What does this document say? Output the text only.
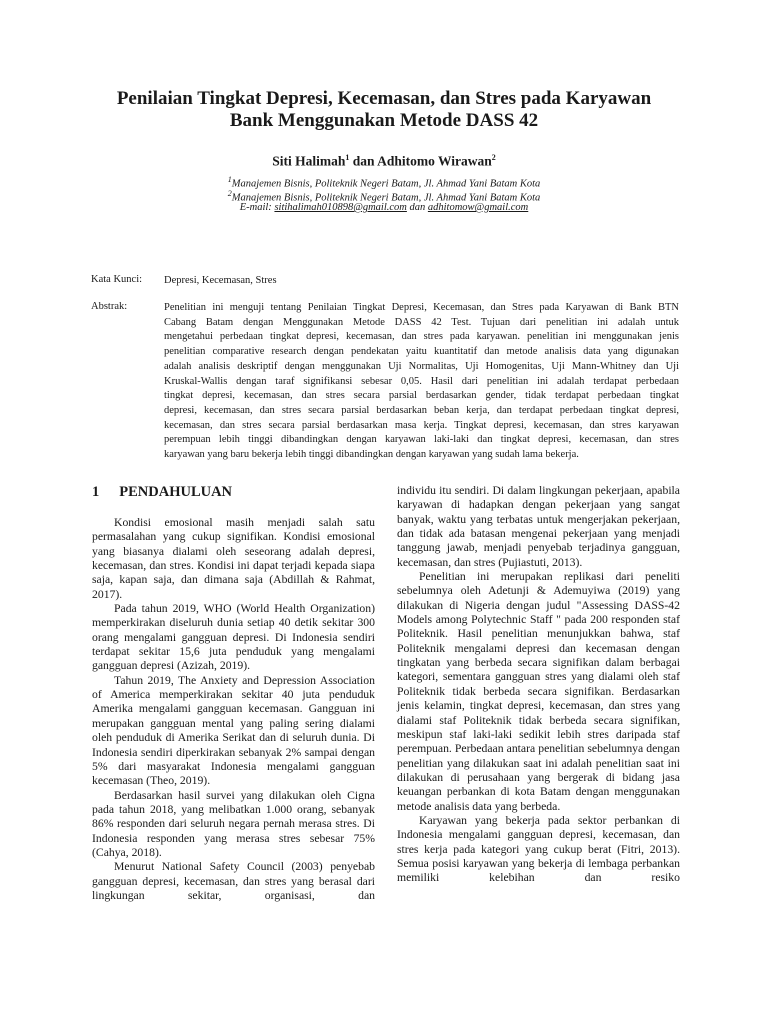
Penilaian Tingkat Depresi, Kecemasan, dan Stres pada Karyawan
Bank Menggunakan Metode DASS 42
Siti Halimah$^1$ dan Adhitomo Wirawan$^2$
$^1$Manajemen Bisnis, Politeknik Negeri Batam, Jl. Ahmad Yani Batam Kota
$^2$Manajemen Bisnis, Politeknik Negeri Batam, Jl. Ahmad Yani Batam Kota
E-mail: sitihalimah010898@gmail.com dan adhitomow@gmail.com
Kata Kunci: Depresi, Kecemasan, Stres
Abstrak:	Penelitian ini menguji tentang Penilaian Tingkat Depresi, Kecemasan, dan Stres pada Karyawan di Bank BTN
Cabang Batam dengan Menggunakan Metode DASS 42 Test. Tujuan dari penelitian ini adalah untuk
mengetahui perbedaan tingkat depresi, kecemasan, dan stres pada karyawan. penelitian ini menggunakan jenis
penelitian comparative research dengan pendekatan yaitu kuantitatif dan metode analisis data yang digunakan
adalah analisis deskriptif dengan menggunakan Uji Normalitas, Uji Homogenitas, Uji Mann-Whitney dan Uji
Kruskal-Wallis dengan taraf signifikansi sebesar 0,05. Hasil dari penelitian ini adalah terdapat perbedaan
tingkat depresi, kecemasan, dan stres secara parsial berdasarkan gender, tidak terdapat perbedaan tingkat
depresi, kecemasan, dan stres secara parsial berdasarkan beban kerja, dan terdapat perbedaan tingkat depresi,
kecemasan, dan stres secara parsial berdasarkan masa kerja. Tingkat depresi, kecemasan, dan stres karyawan
perempuan lebih tinggi dibandingkan dengan karyawan laki-laki dan tingkat depresi, kecemasan, dan stres
karyawan yang baru bekerja lebih tinggi dibandingkan dengan karyawan yang sudah lama bekerja.
1 PENDAHULUAN

Kondisi emosional masih menjadi salah satu permasalahan yang cukup signifikan. Kondisi emosional yang biasanya dialami oleh seseorang adalah depresi, kecemasan, dan stres. Kondisi ini dapat terjadi kepada siapa saja, kapan saja, dan dimana saja (Abdillah & Rahmat, 2017).

Pada tahun 2019, WHO (World Health Organization) memperkirakan diseluruh dunia setiap 40 detik sekitar 300 orang mengalami gangguan depresi. Di Indonesia sendiri terdapat sekitar 15,6 juta penduduk yang mengalami gangguan depresi (Azizah, 2019).

Tahun 2019, The Anxiety and Depression Association of America memperkirakan sekitar 40 juta penduduk Amerika mengalami gangguan kecemasan. Gangguan ini merupakan gangguan mental yang paling sering dialami oleh penduduk di Amerika Serikat dan di seluruh dunia. Di Indonesia sendiri diperkirakan sebanyak 2% sampai dengan 5% dari masyarakat Indonesia mengalami gangguan kecemasan (Theo, 2019).

Berdasarkan hasil survei yang dilakukan oleh Cigna pada tahun 2018, yang melibatkan 1.000 orang, sebanyak 86% responden dari seluruh negara pernah merasa stres. Di Indonesia responden yang merasa stres sebesar 75% (Cahya, 2018).

Menurut National Safety Council (2003) penyebab gangguan depresi, kecemasan, dan stres yang berasal dari lingkungan sekitar, organisasi, dan

individu itu sendiri. Di dalam lingkungan pekerjaan, apabila karyawan di hadapkan dengan pekerjaan yang sangat banyak, waktu yang terbatas untuk mengerjakan pekerjaan, dan tidak ada batasan mengenai pekerjaan yang menjadi tanggung jawab, menjadi penyebab terjadinya gangguan, kecemasan, dan stres (Pujiastuti, 2013).

Penelitian ini merupakan replikasi dari peneliti sebelumnya oleh Adetunji & Ademuyiwa (2019) yang dilakukan di Nigeria dengan judul "Assessing DASS-42 Models among Polytechnic Staff " pada 200 responden staf Politeknik. Hasil penelitian menunjukkan bahwa, staf Politeknik mengalami depresi dan kecemasan dengan tingkatan yang berbeda secara signifikan dalam berbagai kategori, sementara gangguan stres yang dialami oleh staf Politeknik tidak berbeda secara signifikan. Berdasarkan jenis kelamin, tingkat depresi, kecemasan, dan stres yang dialami staf Politeknik tidak berbeda secara signifikan, meskipun staf laki-laki sedikit lebih stres daripada staf perempuan. Perbedaan antara penelitian sebelumnya dengan penelitian yang dilakukan saat ini adalah penelitian saat ini dilakukan di perusahaan yang bergerak di bidang jasa keuangan perbankan di kota Batam dengan menggunakan metode analisis data yang berbeda.

Karyawan yang bekerja pada sektor perbankan di Indonesia mengalami gangguan depresi, kecemasan, dan stres kerja pada kategori yang cukup berat (Fitri, 2013). Semua posisi karyawan yang bekerja di lembaga perbankan memiliki kelebihan dan resiko
